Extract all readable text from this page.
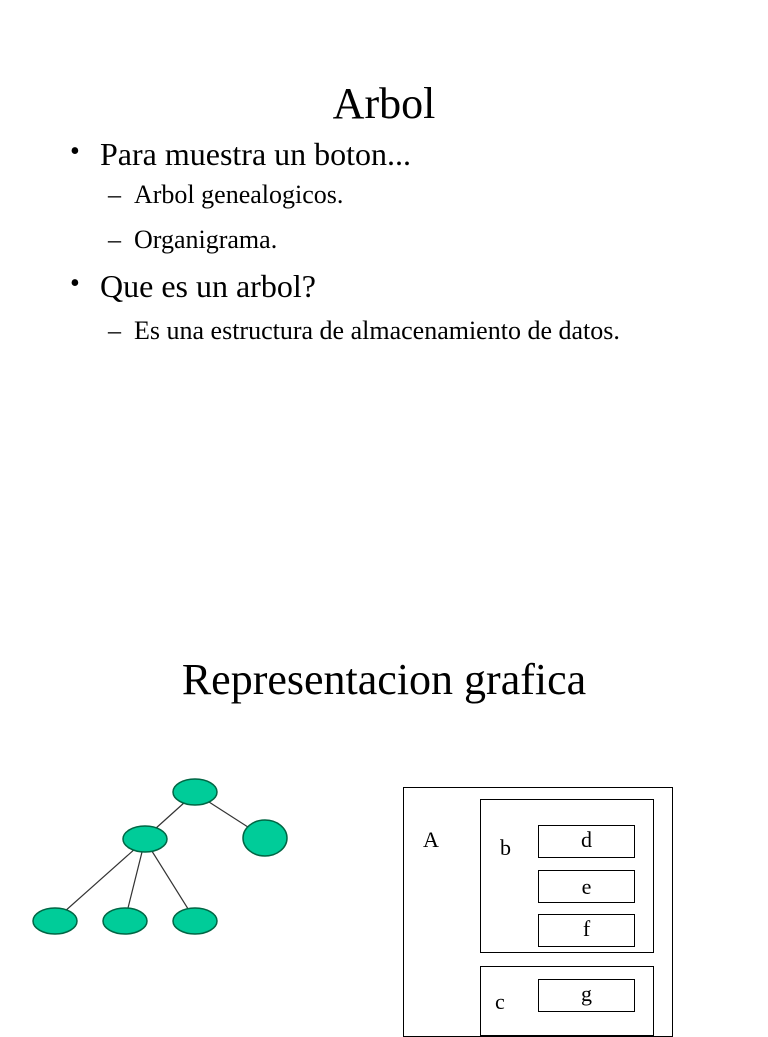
Arbol
• Para muestra un boton...
– Arbol genealogicos.
– Organigrama.
• Que es un arbol?
– Es una estructura de almacenamiento de datos.
Representacion grafica
A	b	d
e
f
c	g
